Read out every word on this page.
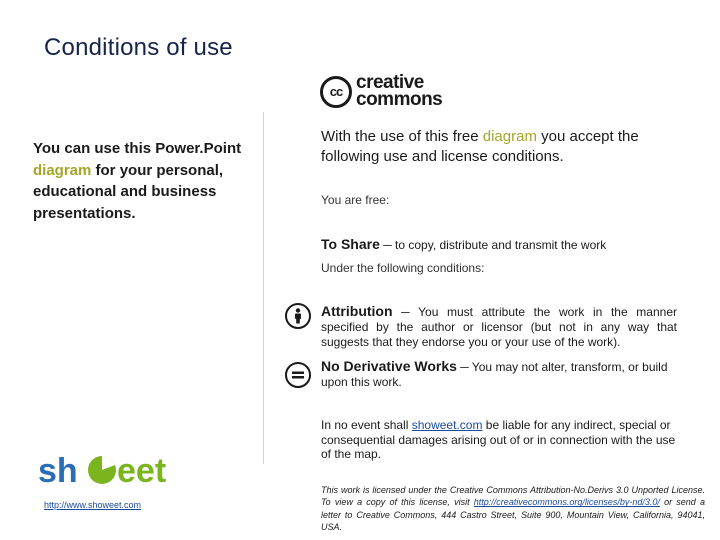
Conditions of use
cc creative
commons
You can use this Power.Point diagram for your personal, educational and business presentations.
With the use of this free diagram you accept the following use and license conditions.
You are free:
To Share ─ to copy, distribute and transmit the work
Under the following conditions:
Attribution ─ You must attribute the work in the manner specified by the author or licensor (but not in any way that suggests that they endorse you or your use of the work).
No Derivative Works ─ You may not alter, transform, or build upon this work.
In no event shall showeet.com be liable for any indirect, special or consequential damages arising out of or in connection with the use of the map.
This work is licensed under the Creative Commons Attribution-No.Derivs 3.0 Unported License. To view a copy of this license, visit http://creativecommons.org/licenses/by-nd/3.0/ or send a letter to Creative Commons, 444 Castro Street, Suite 900, Mountain View, California, 94041, USA.
sh eet
http://www.showeet.com
